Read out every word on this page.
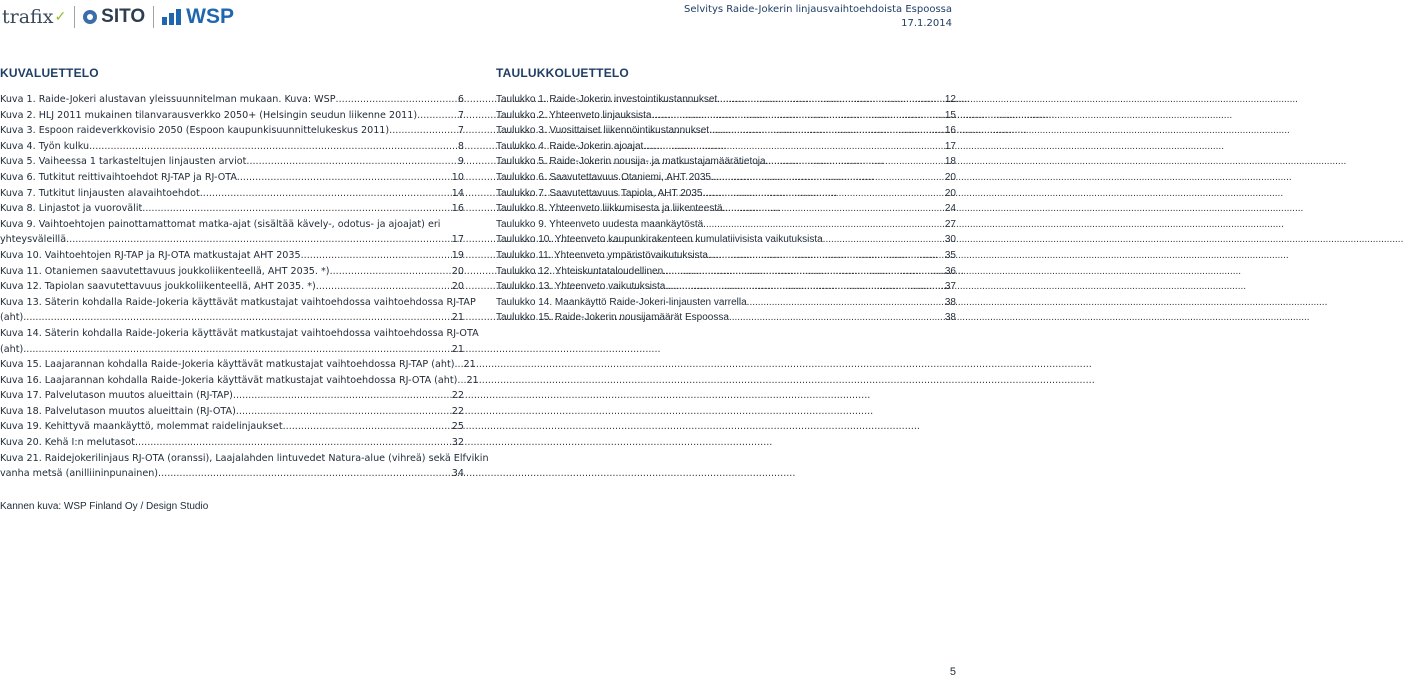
trafix ✓ SITO WSP	Selvitys Raide-Jokerin linjausvaihtoehdoista Espoossa
17.1.2014
KUVALUETTELO
Kuva 1. Raide-Jokeri alustavan yleissuunnitelman mukaan. Kuva: WSP .....	6
Kuva 2. HLJ 2011 mukainen tilanvarausverkko 2050+ (Helsingin seudun liikenne 2011). .....	7
Kuva 3. Espoon raideverkkovisio 2050 (Espoon kaupunkisuunnittelukeskus 2011). .....	7
Kuva 4. Työn kulku. .....	8
Kuva 5. Vaiheessa 1 tarkasteltujen linjausten arviot. .....	9
Kuva 6. Tutkitut reittivaihtoehdot RJ-TAP ja RJ-OTA. .....	10
Kuva 7. Tutkitut linjausten alavaihtoehdot. .....	14
Kuva 8. Linjastot ja vuorovälit. .....	16
Kuva 9. Vaihtoehtojen painottamattomat matka-ajat (sisältää kävely-, odotus- ja ajoajat) eri
yhteysväleillä. .....	17
Kuva 10. Vaihtoehtojen RJ-TAP ja RJ-OTA matkustajat AHT 2035. .....	19
Kuva 11. Otaniemen saavutettavuus joukkoliikenteellä, AHT 2035. *) .....	20
Kuva 12. Tapiolan saavutettavuus joukkoliikenteellä, AHT 2035. *) .....	20
Kuva 13. Säterin kohdalla Raide-Jokeria käyttävät matkustajat vaihtoehdossa vaihtoehdossa RJ-TAP
(aht). .....	21
Kuva 14. Säterin kohdalla Raide-Jokeria käyttävät matkustajat vaihtoehdossa vaihtoehdossa RJ-OTA
(aht). .....	21
Kuva 15. Laajarannan kohdalla Raide-Jokeria käyttävät matkustajat vaihtoehdossa RJ-TAP (aht). ..... 21
Kuva 16. Laajarannan kohdalla Raide-Jokeria käyttävät matkustajat vaihtoehdossa RJ-OTA (aht). ..... 21
Kuva 17. Palvelutason muutos alueittain (RJ-TAP). .....	22
Kuva 18. Palvelutason muutos alueittain (RJ-OTA). .....	22
Kuva 19. Kehittyvä maankäyttö, molemmat raidelinjaukset. .....	25
Kuva 20. Kehä I:n melutasot. .....	32
Kuva 21. Raidejokerilinjaus RJ-OTA (oranssi), Laajalahden lintuvedet Natura-alue (vihreä) sekä Elfvikin
vanha metsä (anilliininpunainen). .....	34
Kannen kuva: WSP Finland Oy / Design Studio
TAULUKKOLUETTELO
Taulukko 1. Raide-Jokerin investointikustannukset. .....	12
Taulukko 2. Yhteenveto linjauksista. .....	15
Taulukko 3. Vuosittaiset liikennöintikustannukset. .....	16
Taulukko 4. Raide-Jokerin ajoajat. .....	17
Taulukko 5. Raide-Jokerin nousija- ja matkustajamäärätietoja. .....	18
Taulukko 6. Saavutettavuus Otaniemi, AHT 2035. .....	20
Taulukko 7. Saavutettavuus Tapiola, AHT 2035. .....	20
Taulukko 8. Yhteenveto liikkumisesta ja liikenteestä. .....	24
Taulukko 9. Yhteenveto uudesta maankäytöstä. .....	27
Taulukko 10. Yhteenveto kaupunkirakenteen kumulatiivisista vaikutuksista. .....	30
Taulukko 11. Yhteenveto ympäristövaikutuksista. .....	35
Taulukko 12. Yhteiskuntataloudellinen .....	36
Taulukko 13. Yhteenveto vaikutuksista. .....	37
Taulukko 14. Maankäyttö Raide-Jokeri-linjausten varrella. .....	38
Taulukko 15. Raide-Jokerin nousijamäärät Espoossa. .....	38
5
